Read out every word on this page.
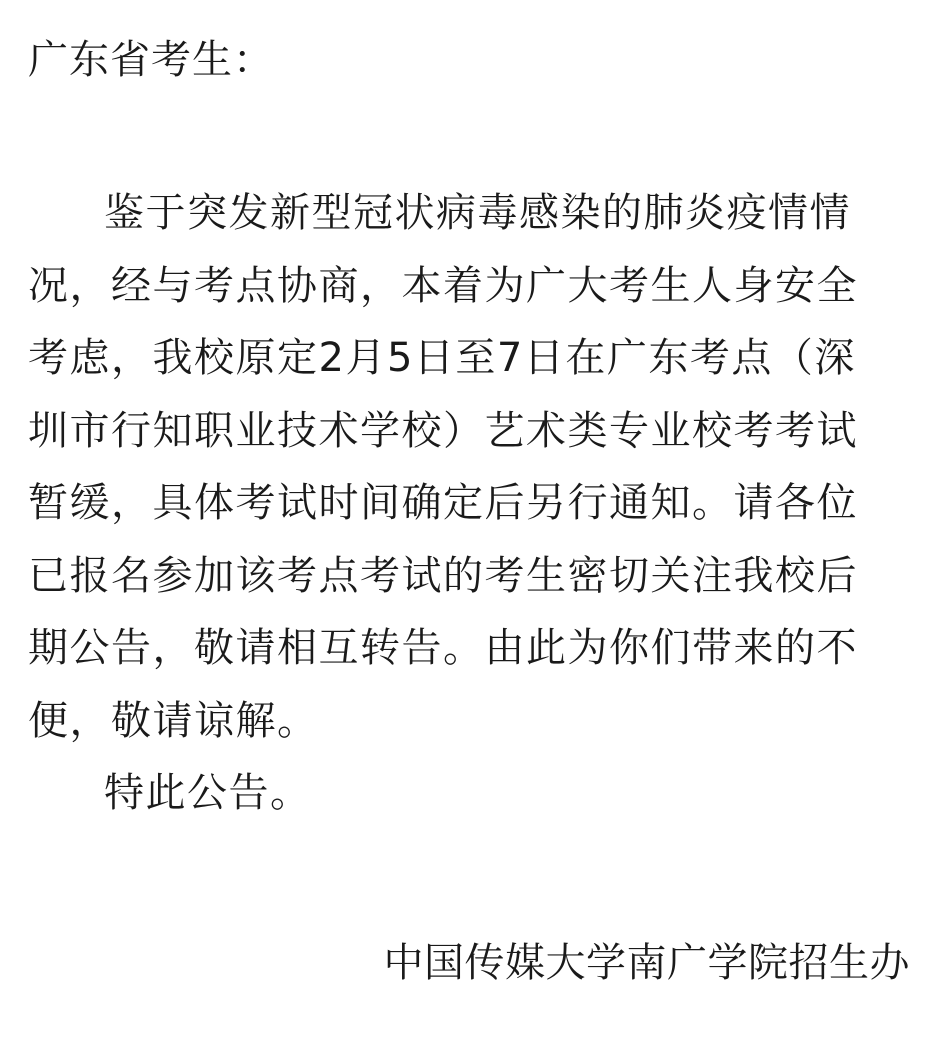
广东省考生：
鉴于突发新型冠状病毒感染的肺炎疫情情
况，经与考点协商，本着为广大考生人身安全
考虑，我校原定2月5日至7日在广东考点（深
圳市行知职业技术学校）艺术类专业校考考试
暂缓，具体考试时间确定后另行通知。请各位
已报名参加该考点考试的考生密切关注我校后
期公告，敬请相互转告。由此为你们带来的不
便，敬请谅解。
特此公告。
中国传媒大学南广学院招生办
